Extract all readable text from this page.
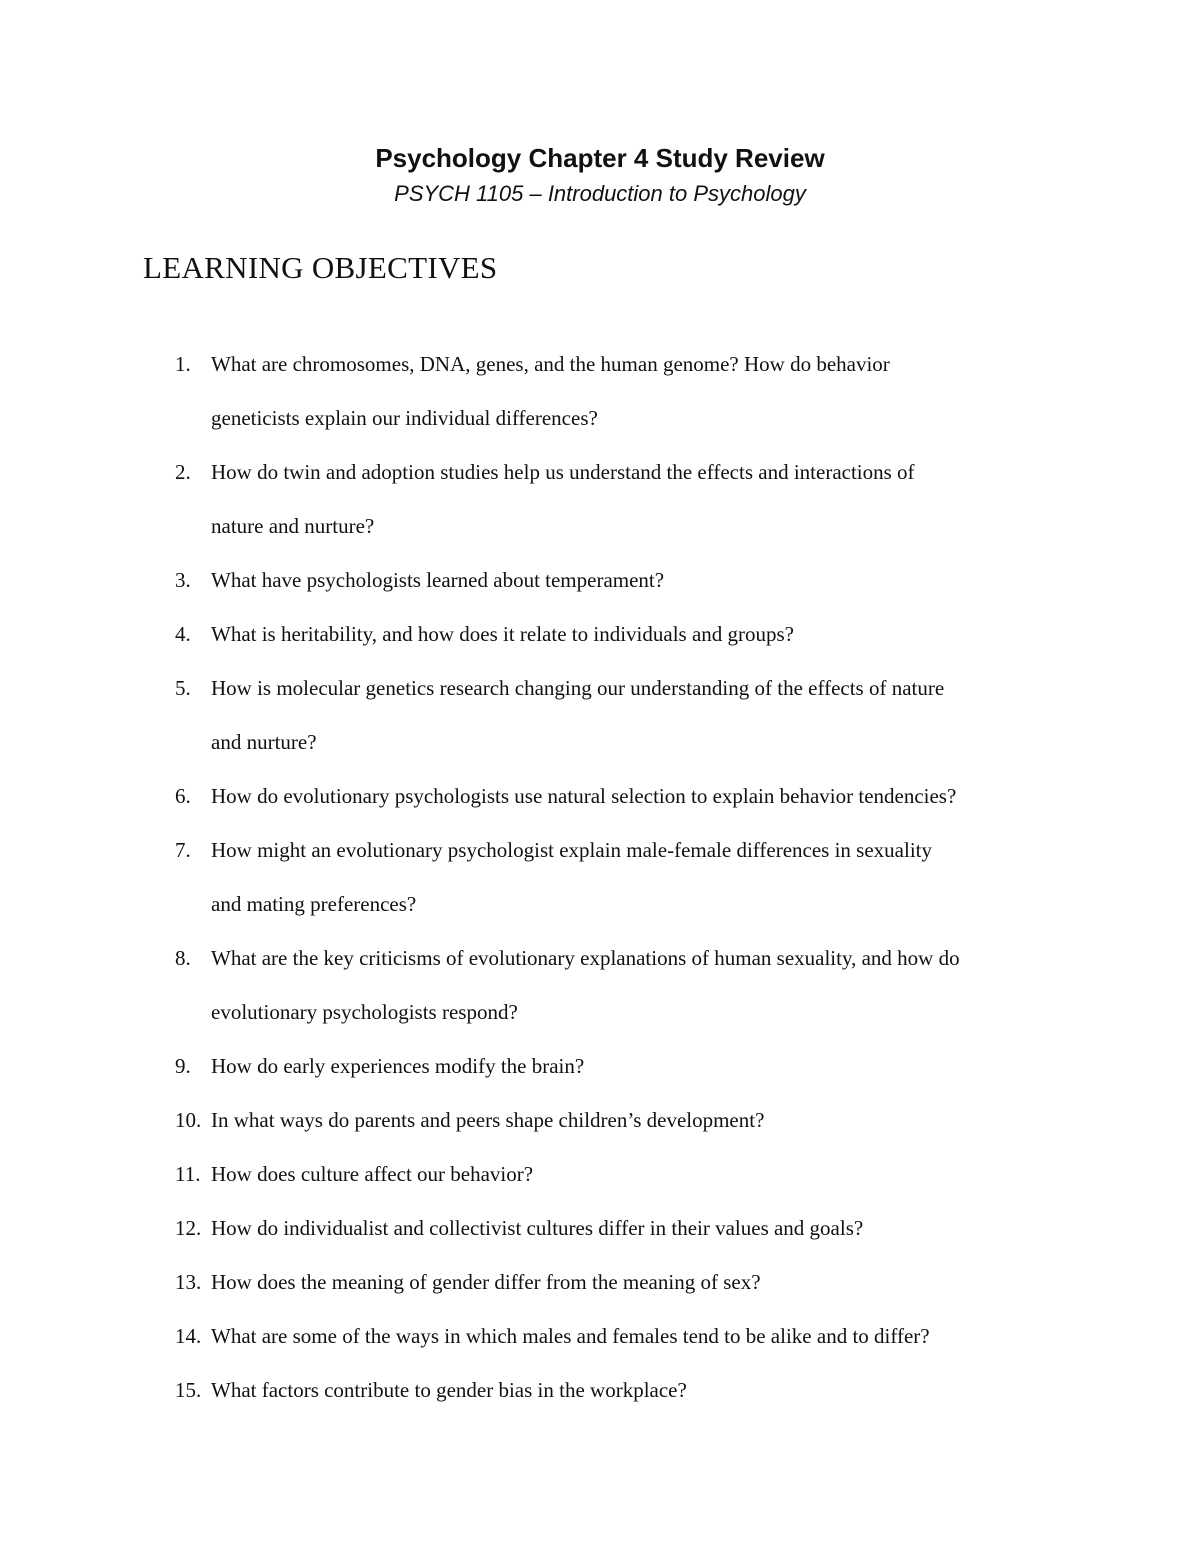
Psychology Chapter 4 Study Review
PSYCH 1105 – Introduction to Psychology
LEARNING OBJECTIVES
1. What are chromosomes, DNA, genes, and the human genome? How do behavior
geneticists explain our individual differences?
2. How do twin and adoption studies help us understand the effects and interactions of
nature and nurture?
3. What have psychologists learned about temperament?
4. What is heritability, and how does it relate to individuals and groups?
5. How is molecular genetics research changing our understanding of the effects of nature
and nurture?
6. How do evolutionary psychologists use natural selection to explain behavior tendencies?
7. How might an evolutionary psychologist explain male-female differences in sexuality
and mating preferences?
8. What are the key criticisms of evolutionary explanations of human sexuality, and how do
evolutionary psychologists respond?
9. How do early experiences modify the brain?
10. In what ways do parents and peers shape children’s development?
11. How does culture affect our behavior?
12. How do individualist and collectivist cultures differ in their values and goals?
13. How does the meaning of gender differ from the meaning of sex?
14. What are some of the ways in which males and females tend to be alike and to differ?
15. What factors contribute to gender bias in the workplace?
